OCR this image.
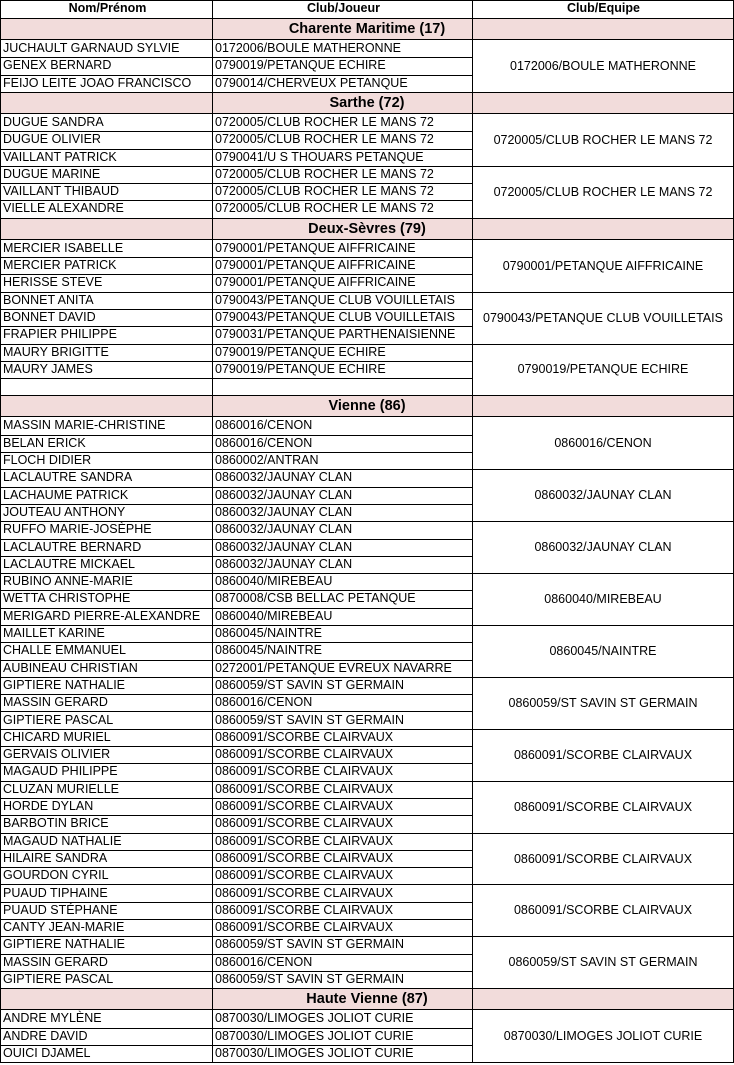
Nom/Prénom	Club/Joueur	Club/Equipe
Charente Maritime (17)
JUCHAULT GARNAUD SYLVIE	0172006/BOULE MATHERONNE
GENEX BERNARD	0790019/PETANQUE ECHIRE
FEIJO LEITE JOAO FRANCISCO	0790014/CHERVEUX PETANQUE
0172006/BOULE MATHERONNE
Sarthe (72)
DUGUE SANDRA	0720005/CLUB ROCHER LE MANS 72
DUGUE OLIVIER	0720005/CLUB ROCHER LE MANS 72
VAILLANT PATRICK	0790041/U S THOUARS PETANQUE
0720005/CLUB ROCHER LE MANS 72
DUGUE MARINE	0720005/CLUB ROCHER LE MANS 72
VAILLANT THIBAUD	0720005/CLUB ROCHER LE MANS 72
VIELLE ALEXANDRE	0720005/CLUB ROCHER LE MANS 72
0720005/CLUB ROCHER LE MANS 72
Deux-Sèvres (79)
MERCIER ISABELLE	0790001/PETANQUE AIFFRICAINE
MERCIER PATRICK	0790001/PETANQUE AIFFRICAINE
HERISSE STEVE	0790001/PETANQUE AIFFRICAINE
0790001/PETANQUE AIFFRICAINE
BONNET ANITA	0790043/PETANQUE CLUB VOUILLETAIS
BONNET DAVID	0790043/PETANQUE CLUB VOUILLETAIS
FRAPIER PHILIPPE	0790031/PETANQUE PARTHENAISIENNE
0790043/PETANQUE CLUB VOUILLETAIS
MAURY BRIGITTE	0790019/PETANQUE ECHIRE
MAURY JAMES	0790019/PETANQUE ECHIRE	0790019/PETANQUE ECHIRE
Vienne (86)
MASSIN MARIE-CHRISTINE	0860016/CENON
BELAN ERICK	0860016/CENON
FLOCH DIDIER	0860002/ANTRAN
0860016/CENON
LACLAUTRE SANDRA	0860032/JAUNAY CLAN
LACHAUME PATRICK	0860032/JAUNAY CLAN
JOUTEAU ANTHONY	0860032/JAUNAY CLAN
0860032/JAUNAY CLAN
RUFFO MARIE-JOSÈPHE	0860032/JAUNAY CLAN
LACLAUTRE BERNARD	0860032/JAUNAY CLAN
LACLAUTRE MICKAEL	0860032/JAUNAY CLAN
0860032/JAUNAY CLAN
RUBINO ANNE-MARIE	0860040/MIREBEAU
WETTA CHRISTOPHE	0870008/CSB BELLAC PETANQUE
MERIGARD PIERRE-ALEXANDRE	0860040/MIREBEAU
0860040/MIREBEAU
MAILLET KARINE	0860045/NAINTRE
CHALLE EMMANUEL	0860045/NAINTRE
AUBINEAU CHRISTIAN	0272001/PETANQUE EVREUX NAVARRE
0860045/NAINTRE
GIPTIERE NATHALIE	0860059/ST SAVIN ST GERMAIN
MASSIN GERARD	0860016/CENON
GIPTIERE PASCAL	0860059/ST SAVIN ST GERMAIN
0860059/ST SAVIN ST GERMAIN
CHICARD MURIEL	0860091/SCORBE CLAIRVAUX
GERVAIS OLIVIER	0860091/SCORBE CLAIRVAUX
MAGAUD PHILIPPE	0860091/SCORBE CLAIRVAUX
0860091/SCORBE CLAIRVAUX
CLUZAN MURIELLE	0860091/SCORBE CLAIRVAUX
HORDE DYLAN	0860091/SCORBE CLAIRVAUX
BARBOTIN BRICE	0860091/SCORBE CLAIRVAUX
0860091/SCORBE CLAIRVAUX
MAGAUD NATHALIE	0860091/SCORBE CLAIRVAUX
HILAIRE SANDRA	0860091/SCORBE CLAIRVAUX
GOURDON CYRIL	0860091/SCORBE CLAIRVAUX
0860091/SCORBE CLAIRVAUX
PUAUD TIPHAINE	0860091/SCORBE CLAIRVAUX
PUAUD STÉPHANE	0860091/SCORBE CLAIRVAUX
CANTY JEAN-MARIE	0860091/SCORBE CLAIRVAUX
0860091/SCORBE CLAIRVAUX
GIPTIERE NATHALIE	0860059/ST SAVIN ST GERMAIN
MASSIN GERARD	0860016/CENON
GIPTIERE PASCAL	0860059/ST SAVIN ST GERMAIN
0860059/ST SAVIN ST GERMAIN
Haute Vienne (87)
ANDRE MYLÈNE	0870030/LIMOGES JOLIOT CURIE
ANDRE DAVID	0870030/LIMOGES JOLIOT CURIE
OUICI DJAMEL	0870030/LIMOGES JOLIOT CURIE
0870030/LIMOGES JOLIOT CURIE
